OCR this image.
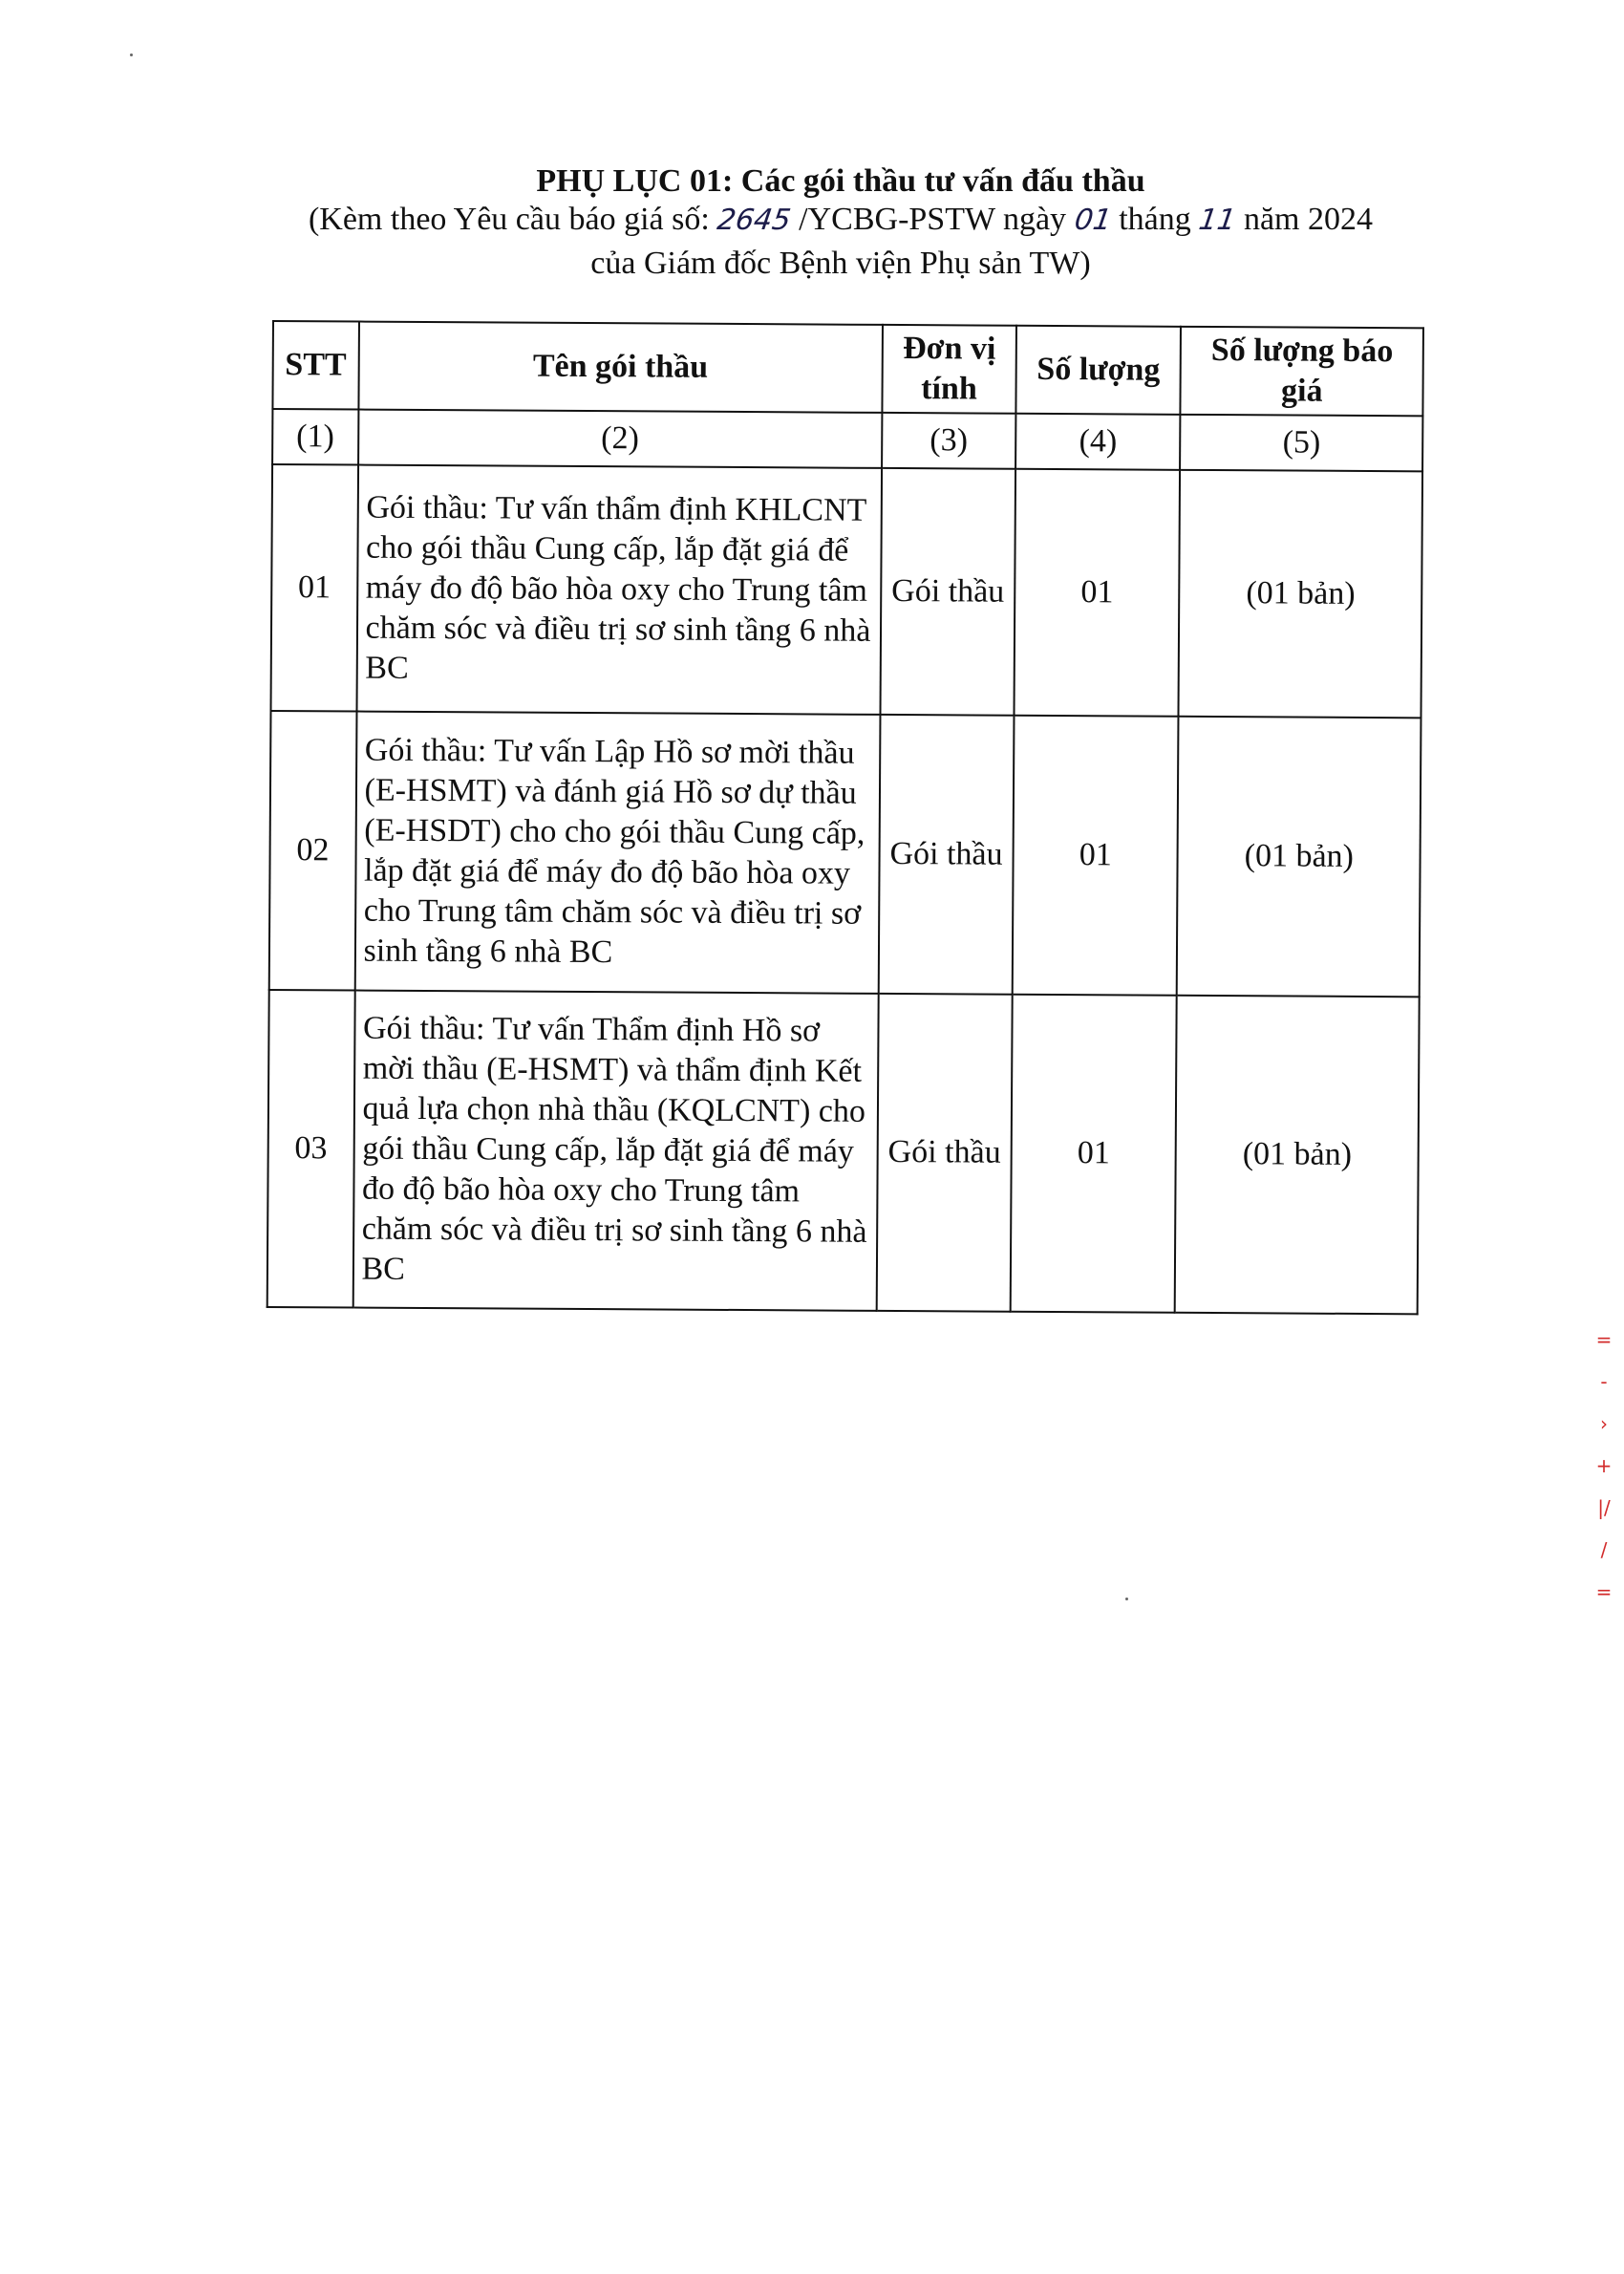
PHỤ LỤC 01: Các gói thầu tư vấn đấu thầu
(Kèm theo Yêu cầu báo giá số: 2645 /YCBG-PSTW ngày 01 tháng 11 năm 2024
của Giám đốc Bệnh viện Phụ sản TW)
STT	Tên gói thầu	Đơn vị tính	Số lượng	Số lượng báo giá
(1)	(2)	(3)	(4)	(5)
01	Gói thầu: Tư vấn thẩm định KHLCNT cho gói thầu Cung cấp, lắp đặt giá để máy đo độ bão hòa oxy cho Trung tâm chăm sóc và điều trị sơ sinh tầng 6 nhà BC	Gói thầu	01	(01 bản)
02	Gói thầu: Tư vấn Lập Hồ sơ mời thầu (E-HSMT) và đánh giá Hồ sơ dự thầu (E-HSDT) cho cho gói thầu Cung cấp, lắp đặt giá để máy đo độ bão hòa oxy cho Trung tâm chăm sóc và điều trị sơ sinh tầng 6 nhà BC	Gói thầu	01	(01 bản)
03	Gói thầu: Tư vấn Thẩm định Hồ sơ mời thầu (E-HSMT) và thẩm định Kết quả lựa chọn nhà thầu (KQLCNT) cho gói thầu Cung cấp, lắp đặt giá để máy đo độ bão hòa oxy cho Trung tâm chăm sóc và điều trị sơ sinh tầng 6 nhà BC	Gói thầu	01	(01 bản)
=
-
›
+
|/
/
=
